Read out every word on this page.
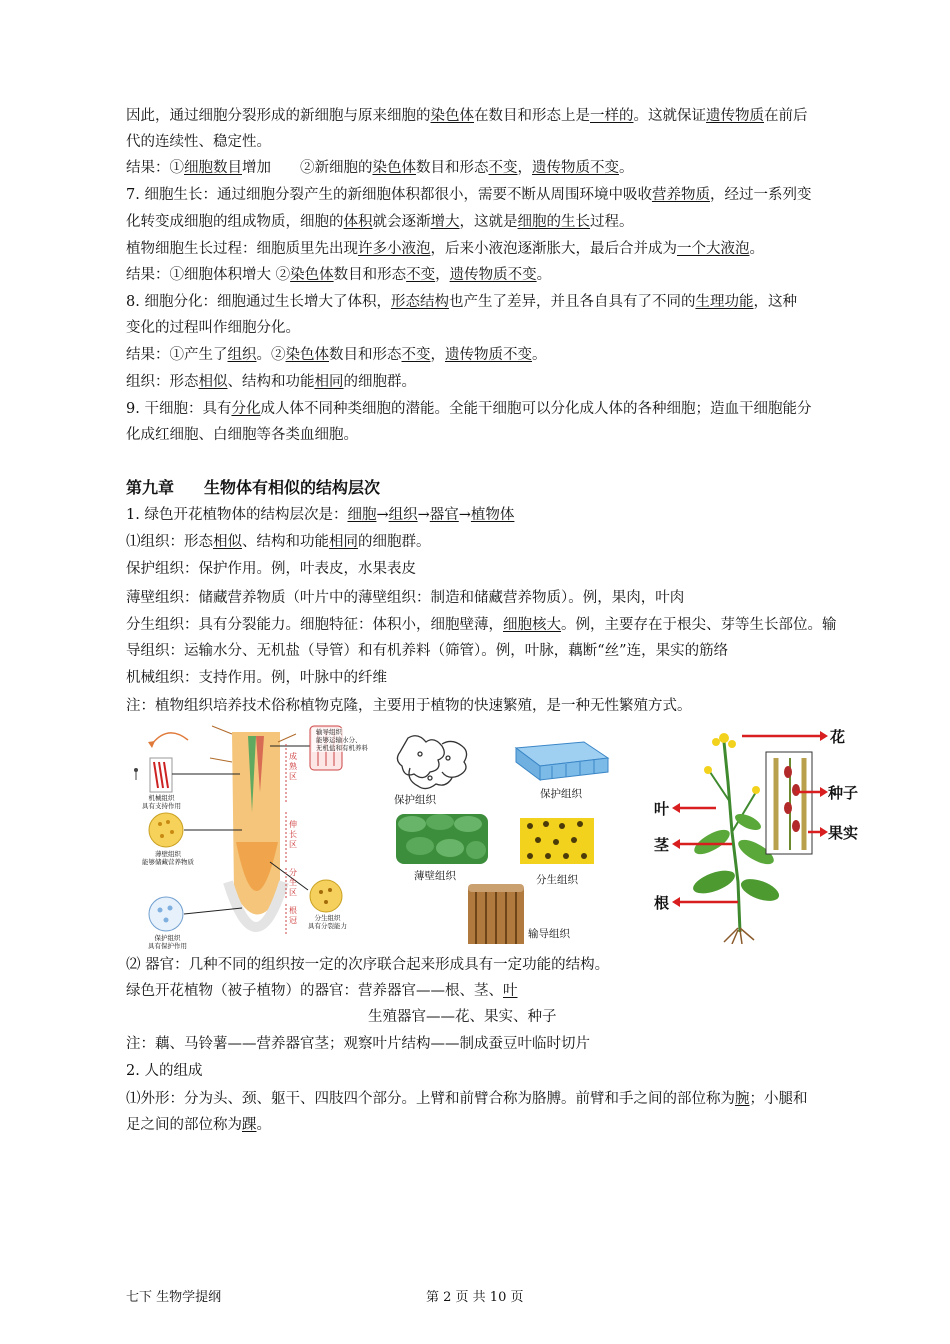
因此，通过细胞分裂形成的新细胞与原来细胞的染色体在数目和形态上是一样的。这就保证遗传物质在前后
代的连续性、稳定性。
结果：①细胞数目增加　　②新细胞的染色体数目和形态不变，遗传物质不变。
7. 细胞生长：通过细胞分裂产生的新细胞体积都很小，需要不断从周围环境中吸收营养物质，经过一系列变
化转变成细胞的组成物质，细胞的体积就会逐渐增大，这就是细胞的生长过程。
植物细胞生长过程：细胞质里先出现许多小液泡，后来小液泡逐渐胀大，最后合并成为一个大液泡。
结果：①细胞体积增大 ②染色体数目和形态不变，遗传物质不变。
8. 细胞分化：细胞通过生长增大了体积，形态结构也产生了差异，并且各自具有了不同的生理功能，这种
变化的过程叫作细胞分化。
结果：①产生了组织。②染色体数目和形态不变，遗传物质不变。
组织：形态相似、结构和功能相同的细胞群。
9. 干细胞：具有分化成人体不同种类细胞的潜能。全能干细胞可以分化成人体的各种细胞；造血干细胞能分
化成红细胞、白细胞等各类血细胞。
第九章 生物体有相似的结构层次
1. 绿色开花植物体的结构层次是：细胞→组织→器官→植物体
⑴组织：形态相似、结构和功能相同的细胞群。
保护组织：保护作用。例，叶表皮，水果表皮
薄壁组织：储藏营养物质（叶片中的薄壁组织：制造和储藏营养物质）。例，果肉，叶肉
分生组织：具有分裂能力。细胞特征：体积小，细胞壁薄，细胞核大。例，主要存在于根尖、芽等生长部位。输
导组织：运输水分、无机盐（导管）和有机养料（筛管）。例，叶脉，藕断“丝”连，果实的筋络
机械组织：支持作用。例，叶脉中的纤维
注：植物组织培养技术俗称植物克隆，主要用于植物的快速繁殖，是一种无性繁殖方式。
机械组织
具有支持作用
薄壁组织
能够储藏营养物质
保护组织
具有保护作用
输导组织
能够运输水分、
无机盐和有机养料
分生组织
具有分裂能力
成熟区
伸长区
分生区
根冠
保护组织	保护组织
薄壁组织	分生组织
输导组织
花
种子
叶
果实
茎
根
⑵ 器官：几种不同的组织按一定的次序联合起来形成具有一定功能的结构。
绿色开花植物（被子植物）的器官：营养器官——根、茎、叶
生殖器官——花、果实、种子
注：藕、马铃薯——营养器官茎；观察叶片结构——制成蚕豆叶临时切片
2. 人的组成
⑴外形：分为头、颈、躯干、四肢四个部分。上臂和前臂合称为胳膊。前臂和手之间的部位称为腕；小腿和
足之间的部位称为踝。
七下 生物学提纲	第 2 页 共 10 页
